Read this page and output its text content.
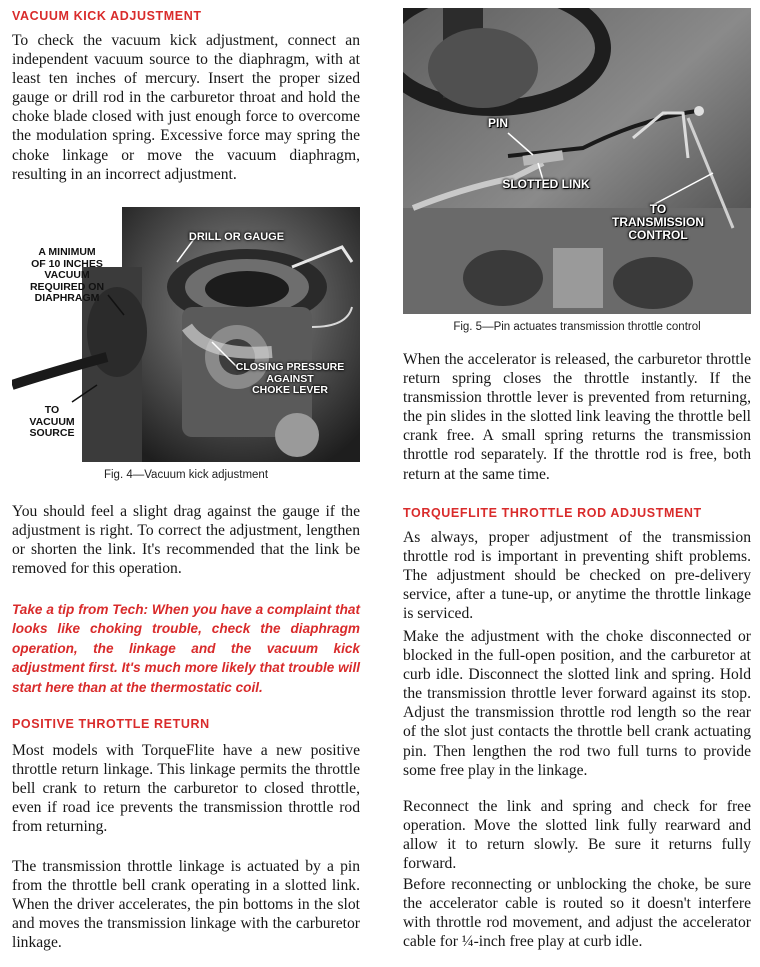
VACUUM KICK ADJUSTMENT

To check the vacuum kick adjustment, connect an independent vacuum source to the diaphragm, with at least ten inches of mercury. Insert the proper sized gauge or drill rod in the carburetor throat and hold the choke blade closed with just enough force to overcome the modulation spring. Excessive force may spring the choke linkage or move the vacuum diaphragm, resulting in an incorrect adjustment.

A MINIMUM
OF 10 INCHES
VACUUM
REQUIRED ON
DIAPHRAGM
DRILL OR GAUGE
CLOSING PRESSURE
AGAINST
CHOKE LEVER
TO
VACUUM
SOURCE
Fig. 4—Vacuum kick adjustment

You should feel a slight drag against the gauge if the adjustment is right. To correct the adjustment, lengthen or shorten the link. It's recommended that the link be removed for this operation.

Take a tip from Tech: When you have a complaint that looks like choking trouble, check the diaphragm operation, the linkage and the vacuum kick adjustment first. It's much more likely that trouble will start here than at the thermostatic coil.

POSITIVE THROTTLE RETURN

Most models with TorqueFlite have a new positive throttle return linkage. This linkage permits the throttle bell crank to return the carburetor to closed throttle, even if road ice prevents the transmission throttle rod from returning.

The transmission throttle linkage is actuated by a pin from the throttle bell crank operating in a slotted link. When the driver accelerates, the pin bottoms in the slot and moves the transmission linkage with the carburetor linkage.

PIN
SLOTTED LINK
TO
TRANSMISSION CONTROL
Fig. 5—Pin actuates transmission throttle control

When the accelerator is released, the carburetor throttle return spring closes the throttle instantly. If the transmission throttle lever is prevented from returning, the pin slides in the slotted link leaving the throttle bell crank free. A small spring returns the transmission throttle rod separately. If the throttle rod is free, both return at the same time.

TORQUEFLITE THROTTLE ROD ADJUSTMENT

As always, proper adjustment of the transmission throttle rod is important in preventing shift problems. The adjustment should be checked on pre-delivery service, after a tune-up, or anytime the throttle linkage is serviced.

Make the adjustment with the choke disconnected or blocked in the full-open position, and the carburetor at curb idle. Disconnect the slotted link and spring. Hold the transmission throttle lever forward against its stop. Adjust the transmission throttle rod length so the rear of the slot just contacts the throttle bell crank actuating pin. Then lengthen the rod two full turns to provide some free play in the linkage.

Reconnect the link and spring and check for free operation. Move the slotted link fully rearward and allow it to return slowly. Be sure it returns fully forward.

Before reconnecting or unblocking the choke, be sure the accelerator cable is routed so it doesn't interfere with throttle rod movement, and adjust the accelerator cable for ¼-inch free play at curb idle.
